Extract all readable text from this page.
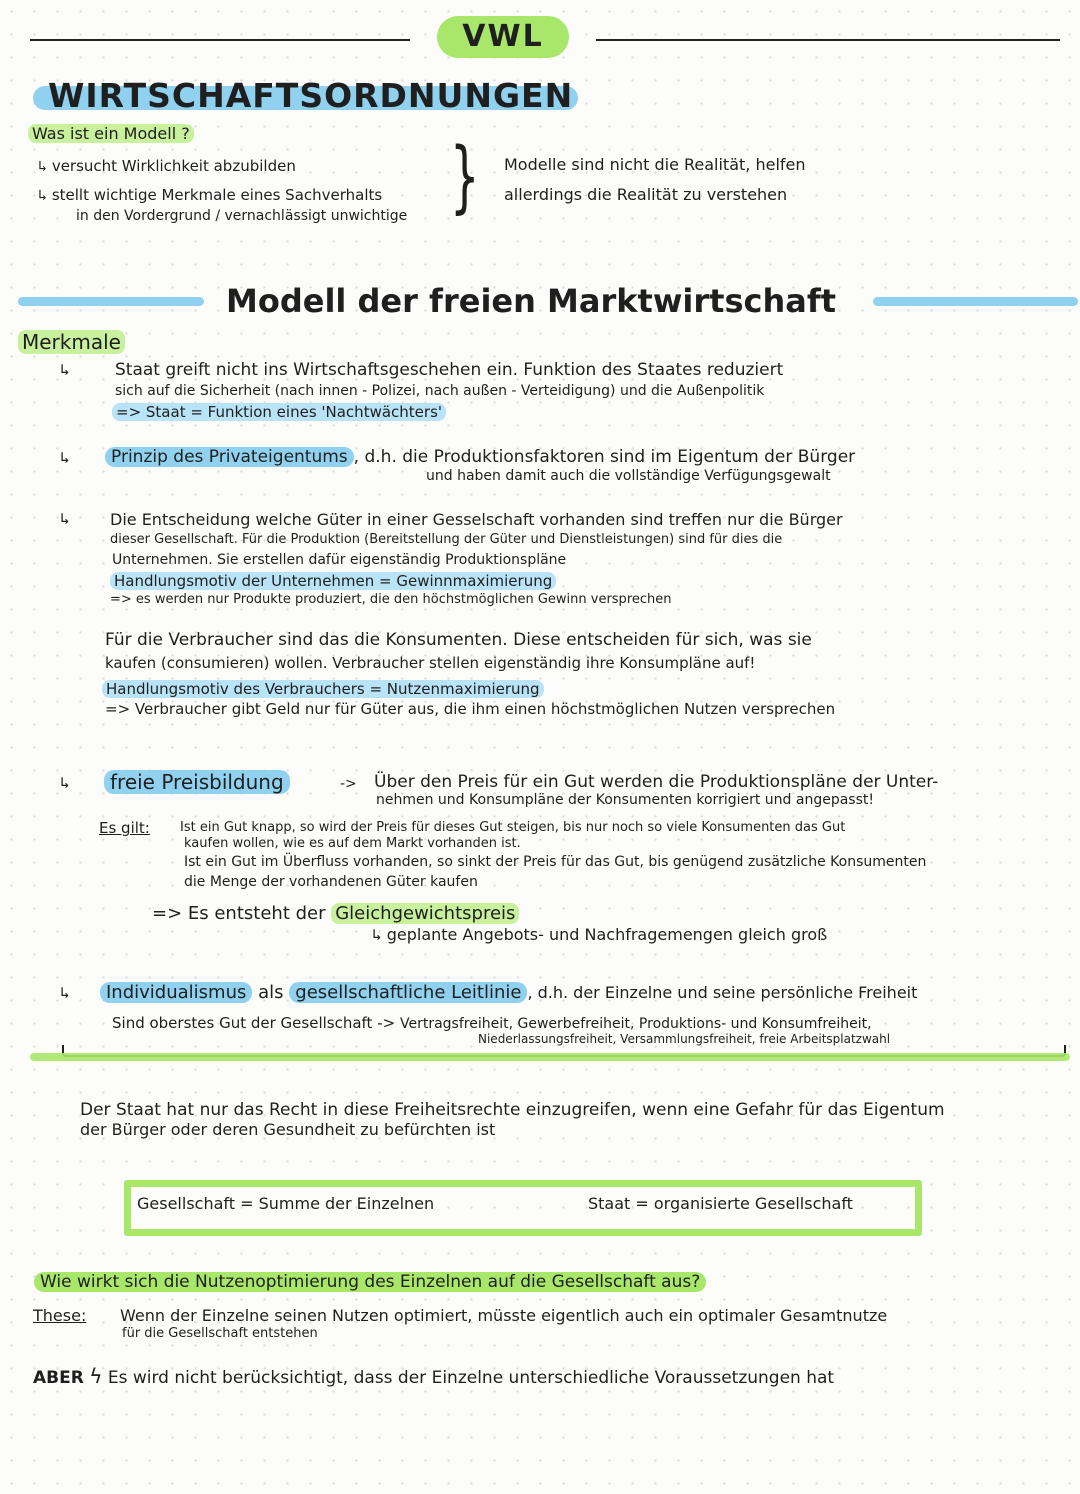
VWL
WIRTSCHAFTSORDNUNGEN
Was ist ein Modell ?
↳ versucht Wirklichkeit abzubilden
↳ stellt wichtige Merkmale eines Sachverhalts
in den Vordergrund / vernachlässigt unwichtige } Modelle sind nicht die Realität, helfen
allerdings die Realität zu verstehen
Modell der freien Marktwirtschaft
Merkmale
↳	Staat greift nicht ins Wirtschaftsgeschehen ein. Funktion des Staates reduziert
sich auf die Sicherheit (nach innen - Polizei, nach außen - Verteidigung) und die Außenpolitik
=> Staat = Funktion eines 'Nachtwächters'
↳	Prinzip des Privateigentums , d.h. die Produktionsfaktoren sind im Eigentum der Bürger
und haben damit auch die vollständige Verfügungsgewalt
↳	Die Entscheidung welche Güter in einer Gesselschaft vorhanden sind treffen nur die Bürger
dieser Gesellschaft. Für die Produktion (Bereitstellung der Güter und Dienstleistungen) sind für dies die
Unternehmen. Sie erstellen dafür eigenständig Produktionspläne
Handlungsmotiv der Unternehmen = Gewinnmaximierung
=> es werden nur Produkte produziert, die den höchstmöglichen Gewinn versprechen
Für die Verbraucher sind das die Konsumenten. Diese entscheiden für sich, was sie
kaufen (consumieren) wollen. Verbraucher stellen eigenständig ihre Konsumpläne auf!
Handlungsmotiv des Verbrauchers = Nutzenmaximierung
=> Verbraucher gibt Geld nur für Güter aus, die ihm einen höchstmöglichen Nutzen versprechen
↳	freie Preisbildung	-> Über den Preis für ein Gut werden die Produktionspläne der Unter-
nehmen und Konsumpläne der Konsumenten korrigiert und angepasst!
Es gilt: Ist ein Gut knapp, so wird der Preis für dieses Gut steigen, bis nur noch so viele Konsumenten das Gut
kaufen wollen, wie es auf dem Markt vorhanden ist.
Ist ein Gut im Überfluss vorhanden, so sinkt der Preis für das Gut, bis genügend zusätzliche Konsumenten
die Menge der vorhandenen Güter kaufen
=> Es entsteht der Gleichgewichtspreis
↳ geplante Angebots- und Nachfragemengen gleich groß
↳	Individualismus als gesellschaftliche Leitlinie , d.h. der Einzelne und seine persönliche Freiheit
Sind oberstes Gut der Gesellschaft -> Vertragsfreiheit, Gewerbefreiheit, Produktions- und Konsumfreiheit,
Niederlassungsfreiheit, Versammlungsfreiheit, freie Arbeitsplatzwahl
Der Staat hat nur das Recht in diese Freiheitsrechte einzugreifen, wenn eine Gefahr für das Eigentum
der Bürger oder deren Gesundheit zu befürchten ist
Gesellschaft = Summe der Einzelnen	Staat = organisierte Gesellschaft
Wie wirkt sich die Nutzenoptimierung des Einzelnen auf die Gesellschaft aus?
These: Wenn der Einzelne seinen Nutzen optimiert, müsste eigentlich auch ein optimaler Gesamtnutze
für die Gesellschaft entstehen
ABER ϟ Es wird nicht berücksichtigt, dass der Einzelne unterschiedliche Voraussetzungen hat
